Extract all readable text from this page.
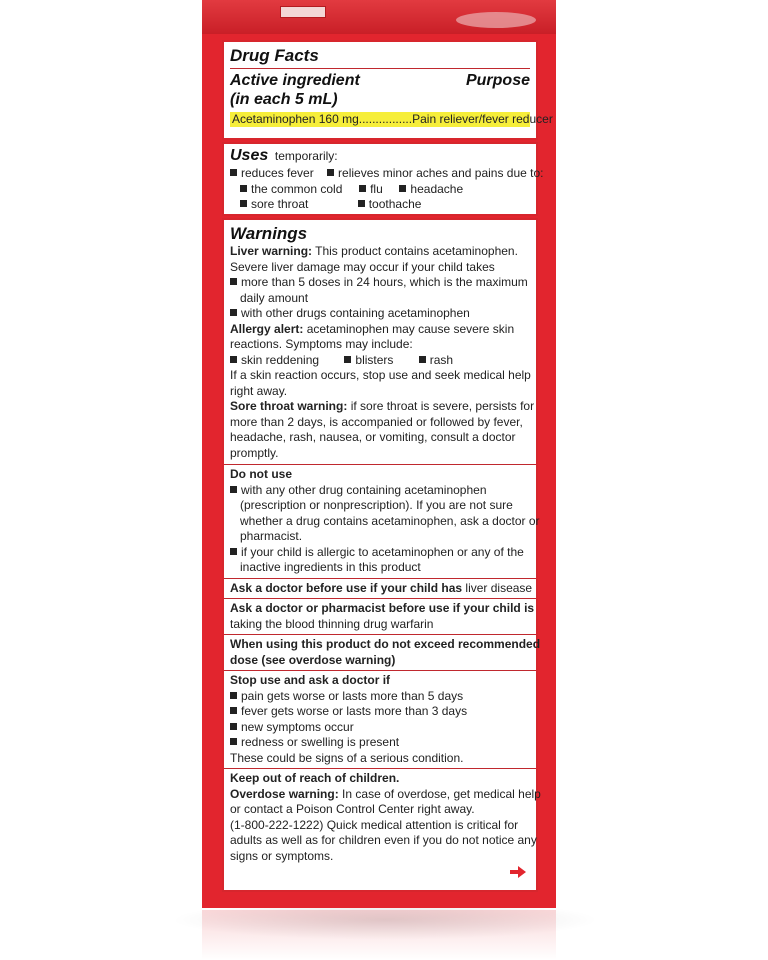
Drug Facts
Active ingredient
(in each 5 mL)
Purpose
Acetaminophen 160 mg................ Pain reliever/fever reducer
Uses temporarily:
reduces fever relieves minor aches and pains due to:
the common cold flu headache
sore throat	toothache
Warnings
Liver warning: This product contains acetaminophen.
Severe liver damage may occur if your child takes
more than 5 doses in 24 hours, which is the maximum
daily amount
with other drugs containing acetaminophen
Allergy alert: acetaminophen may cause severe skin
reactions. Symptoms may include:
skin reddening	blisters	rash
If a skin reaction occurs, stop use and seek medical help
right away.
Sore throat warning: if sore throat is severe, persists for
more than 2 days, is accompanied or followed by fever,
headache, rash, nausea, or vomiting, consult a doctor
promptly.
Do not use
with any other drug containing acetaminophen
(prescription or nonprescription). If you are not sure
whether a drug contains acetaminophen, ask a doctor or
pharmacist.
if your child is allergic to acetaminophen or any of the
inactive ingredients in this product
Ask a doctor before use if your child has liver disease
Ask a doctor or pharmacist before use if your child is
taking the blood thinning drug warfarin
When using this product do not exceed recommended
dose (see overdose warning)
Stop use and ask a doctor if
pain gets worse or lasts more than 5 days
fever gets worse or lasts more than 3 days
new symptoms occur
redness or swelling is present
These could be signs of a serious condition.
Keep out of reach of children.
Overdose warning: In case of overdose, get medical help
or contact a Poison Control Center right away.
(1-800-222-1222) Quick medical attention is critical for
adults as well as for children even if you do not notice any
signs or symptoms.
